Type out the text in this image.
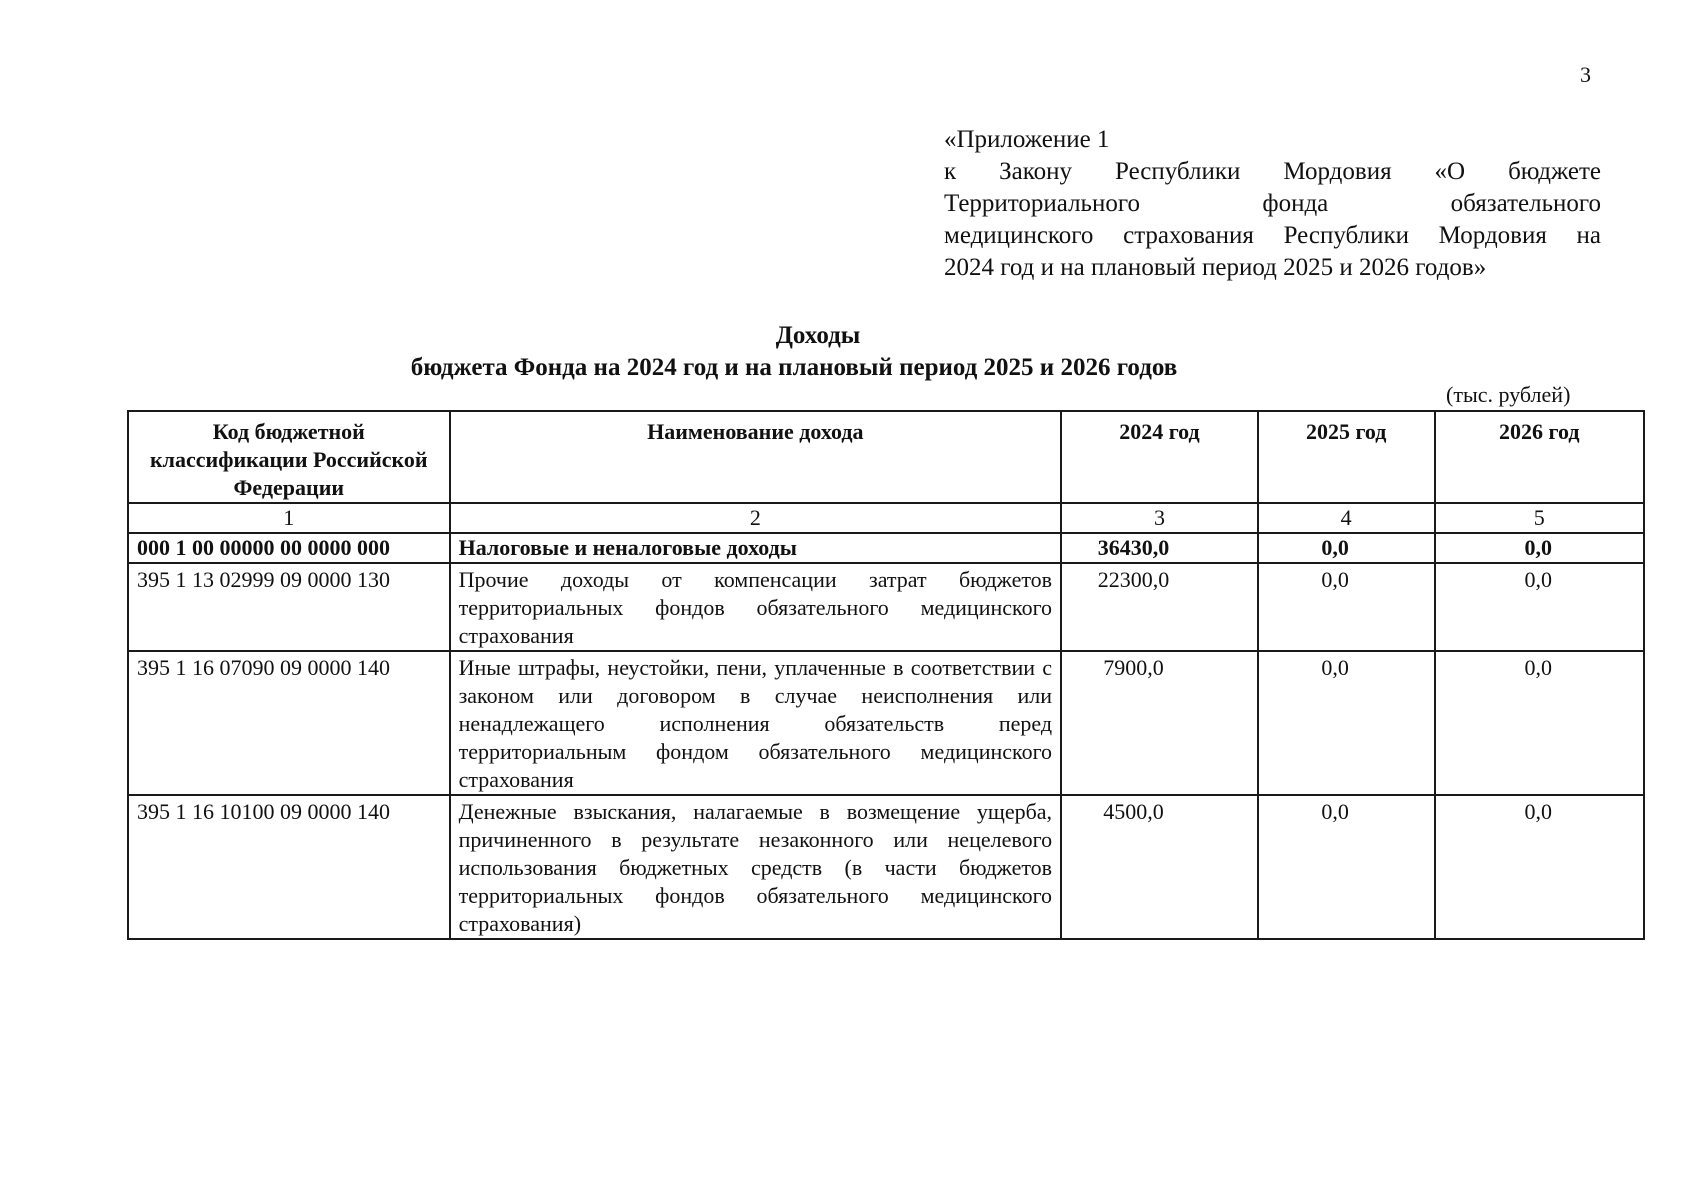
3
«Приложение 1
к Закону Республики Мордовия «О бюджете
Территориального фонда обязательного
медицинского страхования Республики Мордовия на
2024 год и на плановый период 2025 и 2026 годов»
Доходы
бюджета Фонда на 2024 год и на плановый период 2025 и 2026 годов
(тыс. рублей)
Код бюджетной классификации Российской Федерации	Наименование дохода	2024 год	2025 год	2026 год
1	2	3	4	5
000 1 00 00000 00 0000 000	Налоговые и неналоговые доходы	36430,0	0,0	0,0
395 1 13 02999 09 0000 130	Прочие доходы от компенсации затрат бюджетов территориальных фондов обязательного медицинского страхования	22300,0	0,0	0,0
395 1 16 07090 09 0000 140	Иные штрафы, неустойки, пени, уплаченные в соответствии с законом или договором в случае неисполнения или ненадлежащего исполнения обязательств перед территориальным фондом обязательного медицинского страхования	7900,0	0,0	0,0
395 1 16 10100 09 0000 140	Денежные взыскания, налагаемые в возмещение ущерба, причиненного в результате незаконного или нецелевого использования бюджетных средств (в части бюджетов территориальных фондов обязательного медицинского страхования)	4500,0	0,0	0,0
